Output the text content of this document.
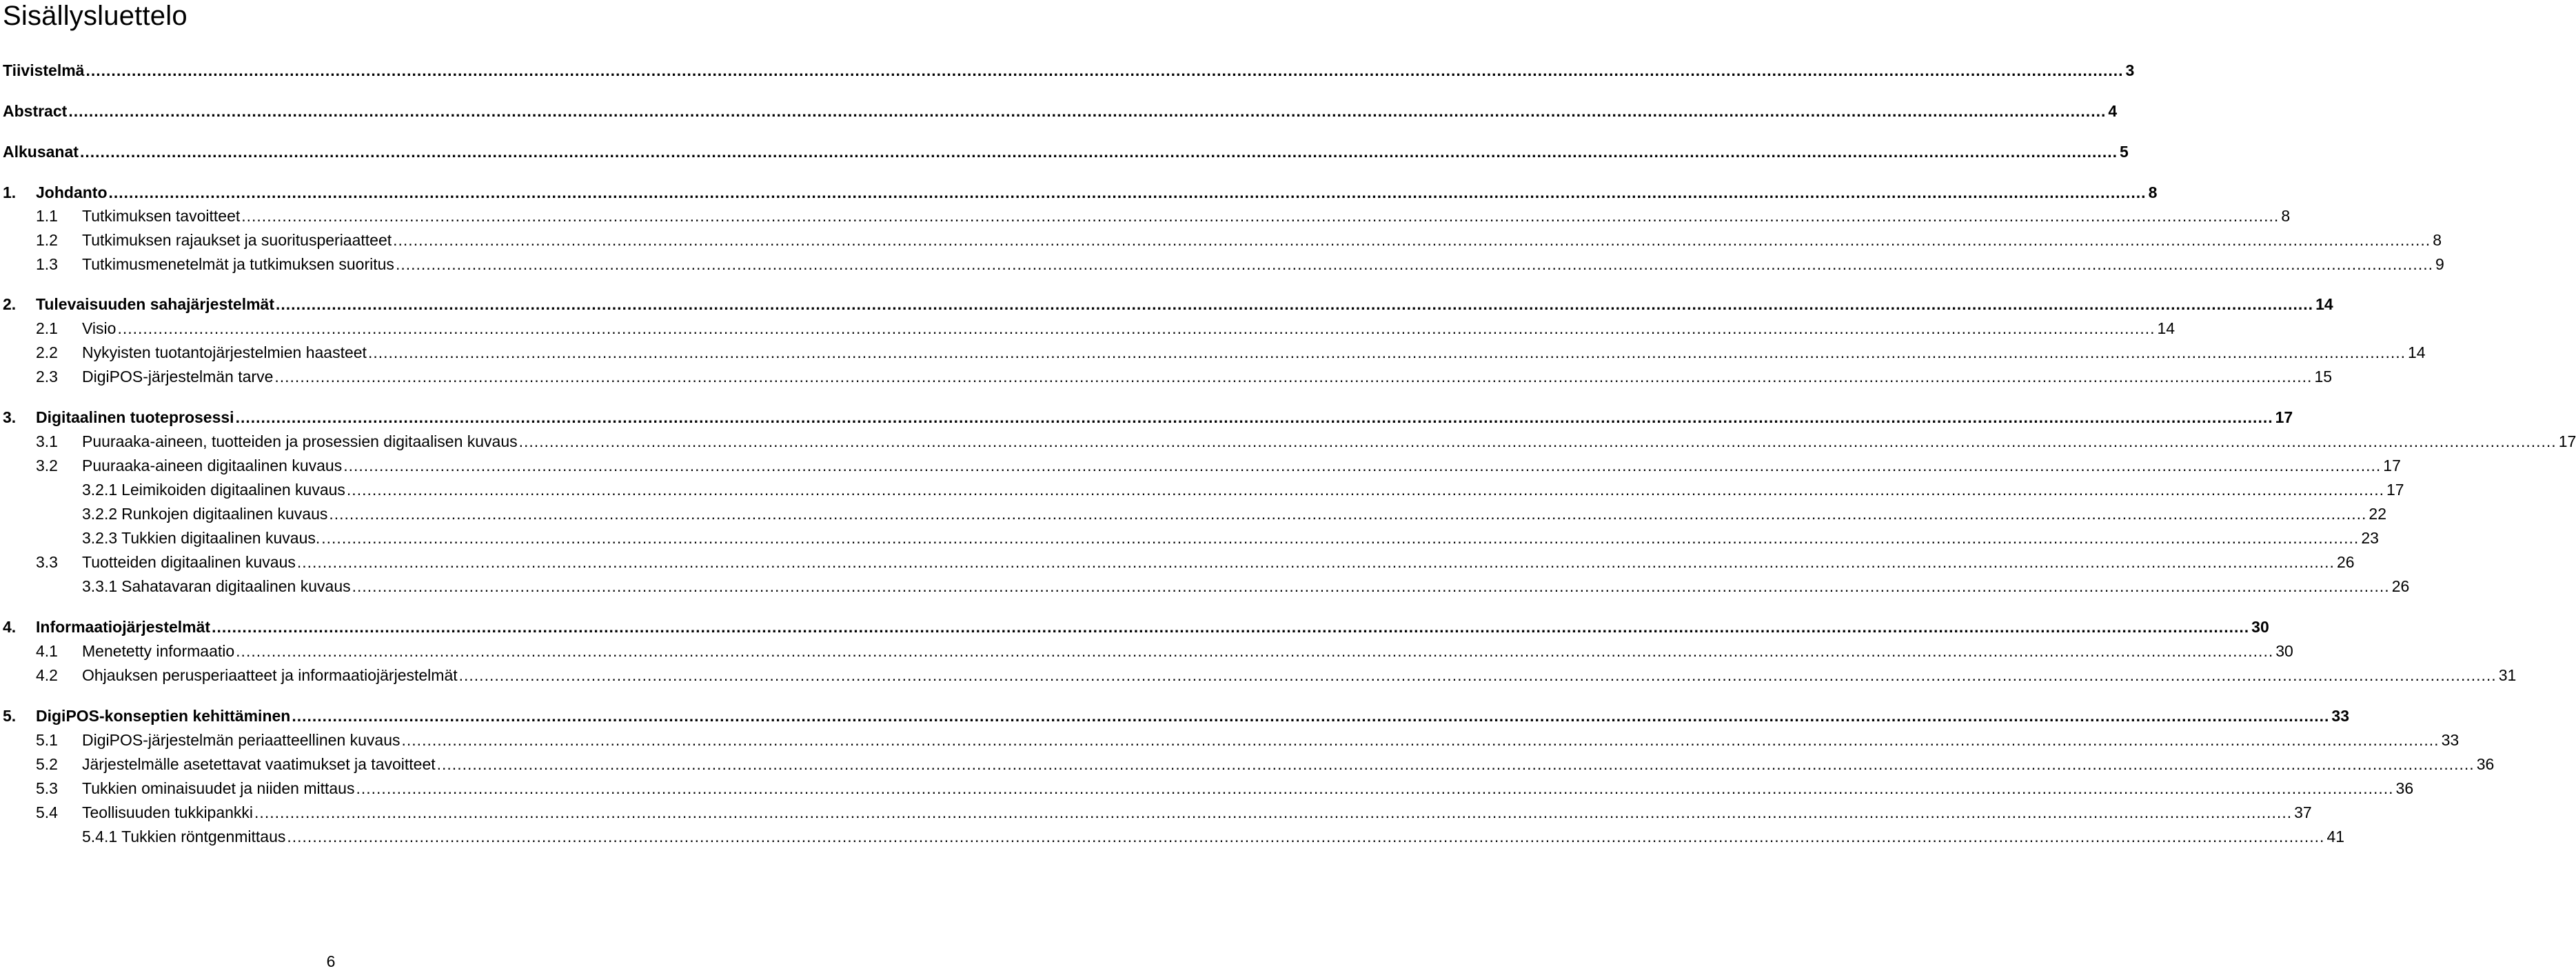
Sisällysluettelo
Tiivistelmä ................................................................................................................................................................................................................................................................................................................................................................................................................ 3
Abstract ................................................................................................................................................................................................................................................................................................................................................................................................................ 4
Alkusanat ................................................................................................................................................................................................................................................................................................................................................................................................................ 5
1.	Johdanto ................................................................................................................................................................................................................................................................................................................................................................................................................ 8
1.1	Tutkimuksen tavoitteet ................................................................................................................................................................................................................................................................................................................................................................................................................ 8
1.2	Tutkimuksen rajaukset ja suoritusperiaatteet ................................................................................................................................................................................................................................................................................................................................................................................................................ 8
1.3	Tutkimusmenetelmät ja tutkimuksen suoritus ................................................................................................................................................................................................................................................................................................................................................................................................................ 9
2.	Tulevaisuuden sahajärjestelmät ................................................................................................................................................................................................................................................................................................................................................................................................................ 14
2.1	Visio ................................................................................................................................................................................................................................................................................................................................................................................................................ 14
2.2	Nykyisten tuotantojärjestelmien haasteet ................................................................................................................................................................................................................................................................................................................................................................................................................ 14
2.3	DigiPOS-järjestelmän tarve ................................................................................................................................................................................................................................................................................................................................................................................................................ 15
3.	Digitaalinen tuoteprosessi ................................................................................................................................................................................................................................................................................................................................................................................................................ 17
3.1	Puuraaka-aineen, tuotteiden ja prosessien digitaalisen kuvaus ................................................................................................................................................................................................................................................................................................................................................................................................................ 17
3.2	Puuraaka-aineen digitaalinen kuvaus ................................................................................................................................................................................................................................................................................................................................................................................................................ 17
3.2.1 Leimikoiden digitaalinen kuvaus ................................................................................................................................................................................................................................................................................................................................................................................................................ 17
3.2.2 Runkojen digitaalinen kuvaus ................................................................................................................................................................................................................................................................................................................................................................................................................ 22
3.2.3 Tukkien digitaalinen kuvaus. ................................................................................................................................................................................................................................................................................................................................................................................................................ 23
3.3	Tuotteiden digitaalinen kuvaus ................................................................................................................................................................................................................................................................................................................................................................................................................ 26
3.3.1 Sahatavaran digitaalinen kuvaus ................................................................................................................................................................................................................................................................................................................................................................................................................ 26
4.	Informaatiojärjestelmät ................................................................................................................................................................................................................................................................................................................................................................................................................ 30
4.1	Menetetty informaatio ................................................................................................................................................................................................................................................................................................................................................................................................................ 30
4.2	Ohjauksen perusperiaatteet ja informaatiojärjestelmät ................................................................................................................................................................................................................................................................................................................................................................................................................ 31
5.	DigiPOS-konseptien kehittäminen ................................................................................................................................................................................................................................................................................................................................................................................................................ 33
5.1	DigiPOS-järjestelmän periaatteellinen kuvaus ................................................................................................................................................................................................................................................................................................................................................................................................................ 33
5.2	Järjestelmälle asetettavat vaatimukset ja tavoitteet ................................................................................................................................................................................................................................................................................................................................................................................................................ 36
5.3	Tukkien ominaisuudet ja niiden mittaus ................................................................................................................................................................................................................................................................................................................................................................................................................ 36
5.4	Teollisuuden tukkipankki ................................................................................................................................................................................................................................................................................................................................................................................................................ 37
5.4.1 Tukkien röntgenmittaus ................................................................................................................................................................................................................................................................................................................................................................................................................ 41
6
